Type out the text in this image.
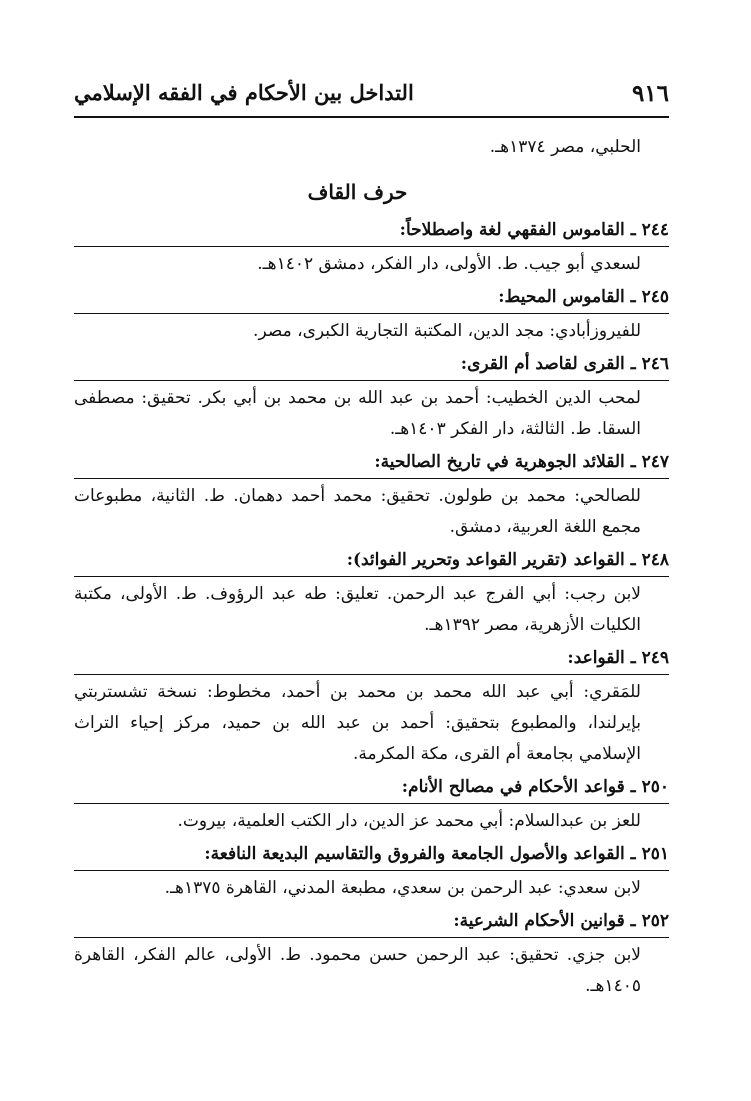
٩١٦
التداخل بين الأحكام في الفقه الإسلامي

الحلبي، مصر ١٣٧٤هـ.

حرف القاف
٢٤٤ ـ القاموس الفقهي لغة واصطلاحاً:

لسعدي أبو جيب. ط. الأولى، دار الفكر، دمشق ١٤٠٢هـ.

٢٤٥ ـ القاموس المحيط:

للفيروزأبادي: مجد الدين، المكتبة التجارية الكبرى، مصر.

٢٤٦ ـ القرى لقاصد أم القرى:

لمحب الدين الخطيب: أحمد بن عبد الله بن محمد بن أبي بكر. تحقيق: مصطفى السقا. ط. الثالثة، دار الفكر ١٤٠٣هـ.

٢٤٧ ـ القلائد الجوهرية في تاريخ الصالحية:

للصالحي: محمد بن طولون. تحقيق: محمد أحمد دهمان. ط. الثانية، مطبوعات مجمع اللغة العربية، دمشق.

٢٤٨ ـ القواعد (تقرير القواعد وتحرير الفوائد):

لابن رجب: أبي الفرج عبد الرحمن. تعليق: طه عبد الرؤوف. ط. الأولى، مكتبة الكليات الأزهرية، مصر ١٣٩٢هـ.

٢٤٩ ـ القواعد:

للمَقري: أبي عبد الله محمد بن محمد بن أحمد، مخطوط: نسخة تشستربتي بإيرلندا، والمطبوع بتحقيق: أحمد بن عبد الله بن حميد، مركز إحياء التراث الإسلامي بجامعة أم القرى، مكة المكرمة.

٢٥٠ ـ قواعد الأحكام في مصالح الأنام:

للعز بن عبدالسلام: أبي محمد عز الدين، دار الكتب العلمية، بيروت.

٢٥١ ـ القواعد والأصول الجامعة والفروق والتقاسيم البديعة النافعة:

لابن سعدي: عبد الرحمن بن سعدي، مطبعة المدني، القاهرة ١٣٧٥هـ.

٢٥٢ ـ قوانين الأحكام الشرعية:

لابن جزي. تحقيق: عبد الرحمن حسن محمود. ط. الأولى، عالم الفكر، القاهرة ١٤٠٥هـ.
